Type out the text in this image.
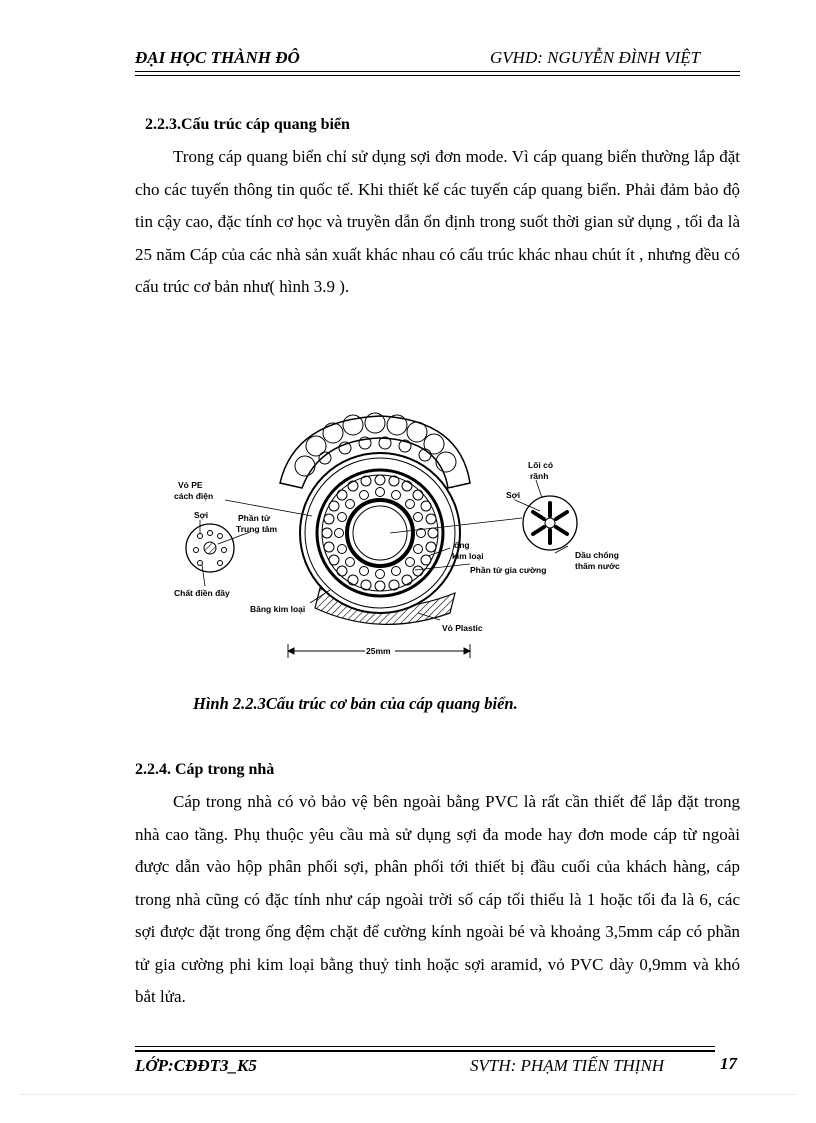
ĐẠI HỌC THÀNH ĐÔ	GVHD: NGUYỄN ĐÌNH VIỆT
2.2.3.Cấu trúc cáp quang biển

Trong cáp quang biển chỉ sử dụng sợi đơn mode. Vì cáp quang biển thường lắp đặt cho các tuyến thông tin quốc tế. Khi thiết kế các tuyến cáp quang biển. Phải đảm bảo độ tin cậy cao, đặc tính cơ học và truyền dẫn ổn định trong suốt thời gian sử dụng , tối đa là 25 năm Cáp của các nhà sản xuất khác nhau có cấu trúc khác nhau chút ít , nhưng đều có cấu trúc cơ bản như( hình 3.9 ).

Vỏ PE
cách điện
Sợi	Phần tử
Trung tâm
Chất điền đầy
Băng kim loại
ống
kim loại
Phần tử gia cường
Vỏ Plastic
25mm
Lõi có
rãnh
Sợi
Dầu chống
thấm nước
Hình 2.2.3Cấu trúc cơ bản của cáp quang biển.
2.2.4. Cáp trong nhà

Cáp trong nhà có vỏ bảo vệ bên ngoài bằng PVC là rất cần thiết để lắp đặt trong nhà cao tầng. Phụ thuộc yêu cầu mà sử dụng sợi đa mode hay đơn mode cáp từ ngoài được dẫn vào hộp phân phối sợi, phân phối tới thiết bị đầu cuối của khách hàng, cáp trong nhà cũng có đặc tính như cáp ngoài trời số cáp tối thiểu là 1 hoặc tối đa là 6, các sợi được đặt trong ống đệm chặt để cường kính ngoài bé và khoảng 3,5mm cáp có phần tử gia cường phi kim loại bằng thuỷ tinh hoặc sợi aramid, vỏ PVC dày 0,9mm và khó bắt lửa.

LỚP:CĐĐT3_K5	SVTH: PHẠM TIẾN THỊNH	17
